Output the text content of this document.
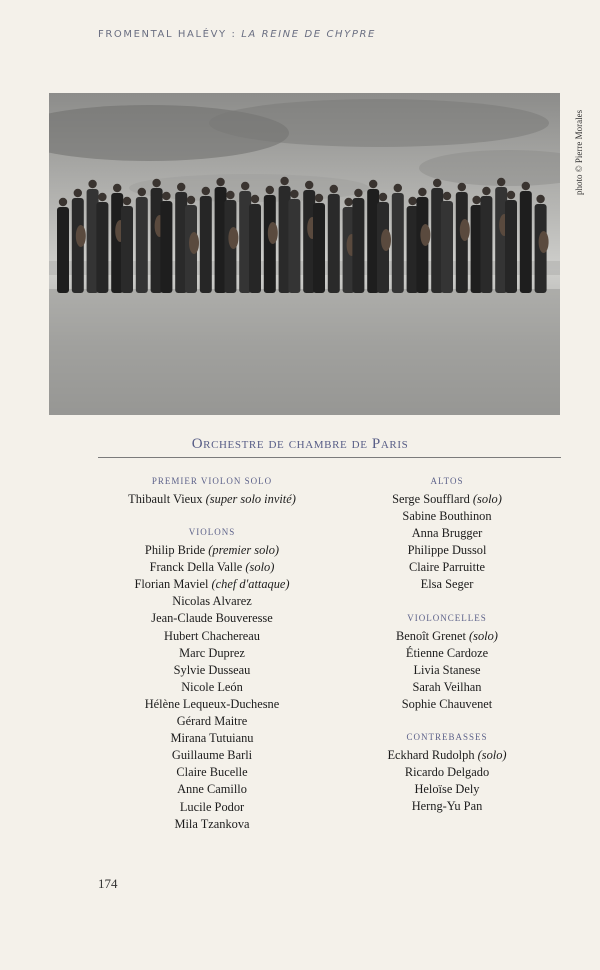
FROMENTAL HALÉVY : LA REINE DE CHYPRE
photo © Pierre Morales
Orchestre de chambre de Paris
PREMIER VIOLON SOLO
Thibault Vieux (super solo invité)
VIOLONS
Philip Bride (premier solo)
Franck Della Valle (solo)
Florian Maviel (chef d'attaque)
Nicolas Alvarez
Jean-Claude Bouveresse
Hubert Chachereau
Marc Duprez
Sylvie Dusseau
Nicole León
Hélène Lequeux-Duchesne
Gérard Maitre
Mirana Tutuianu
Guillaume Barli
Claire Bucelle
Anne Camillo
Lucile Podor
Mila Tzankova
ALTOS
Serge Soufflard (solo)
Sabine Bouthinon
Anna Brugger
Philippe Dussol
Claire Parruitte
Elsa Seger
VIOLONCELLES
Benoît Grenet (solo)
Étienne Cardoze
Livia Stanese
Sarah Veilhan
Sophie Chauvenet
CONTREBASSES
Eckhard Rudolph (solo)
Ricardo Delgado
Heloïse Dely
Herng-Yu Pan
174
